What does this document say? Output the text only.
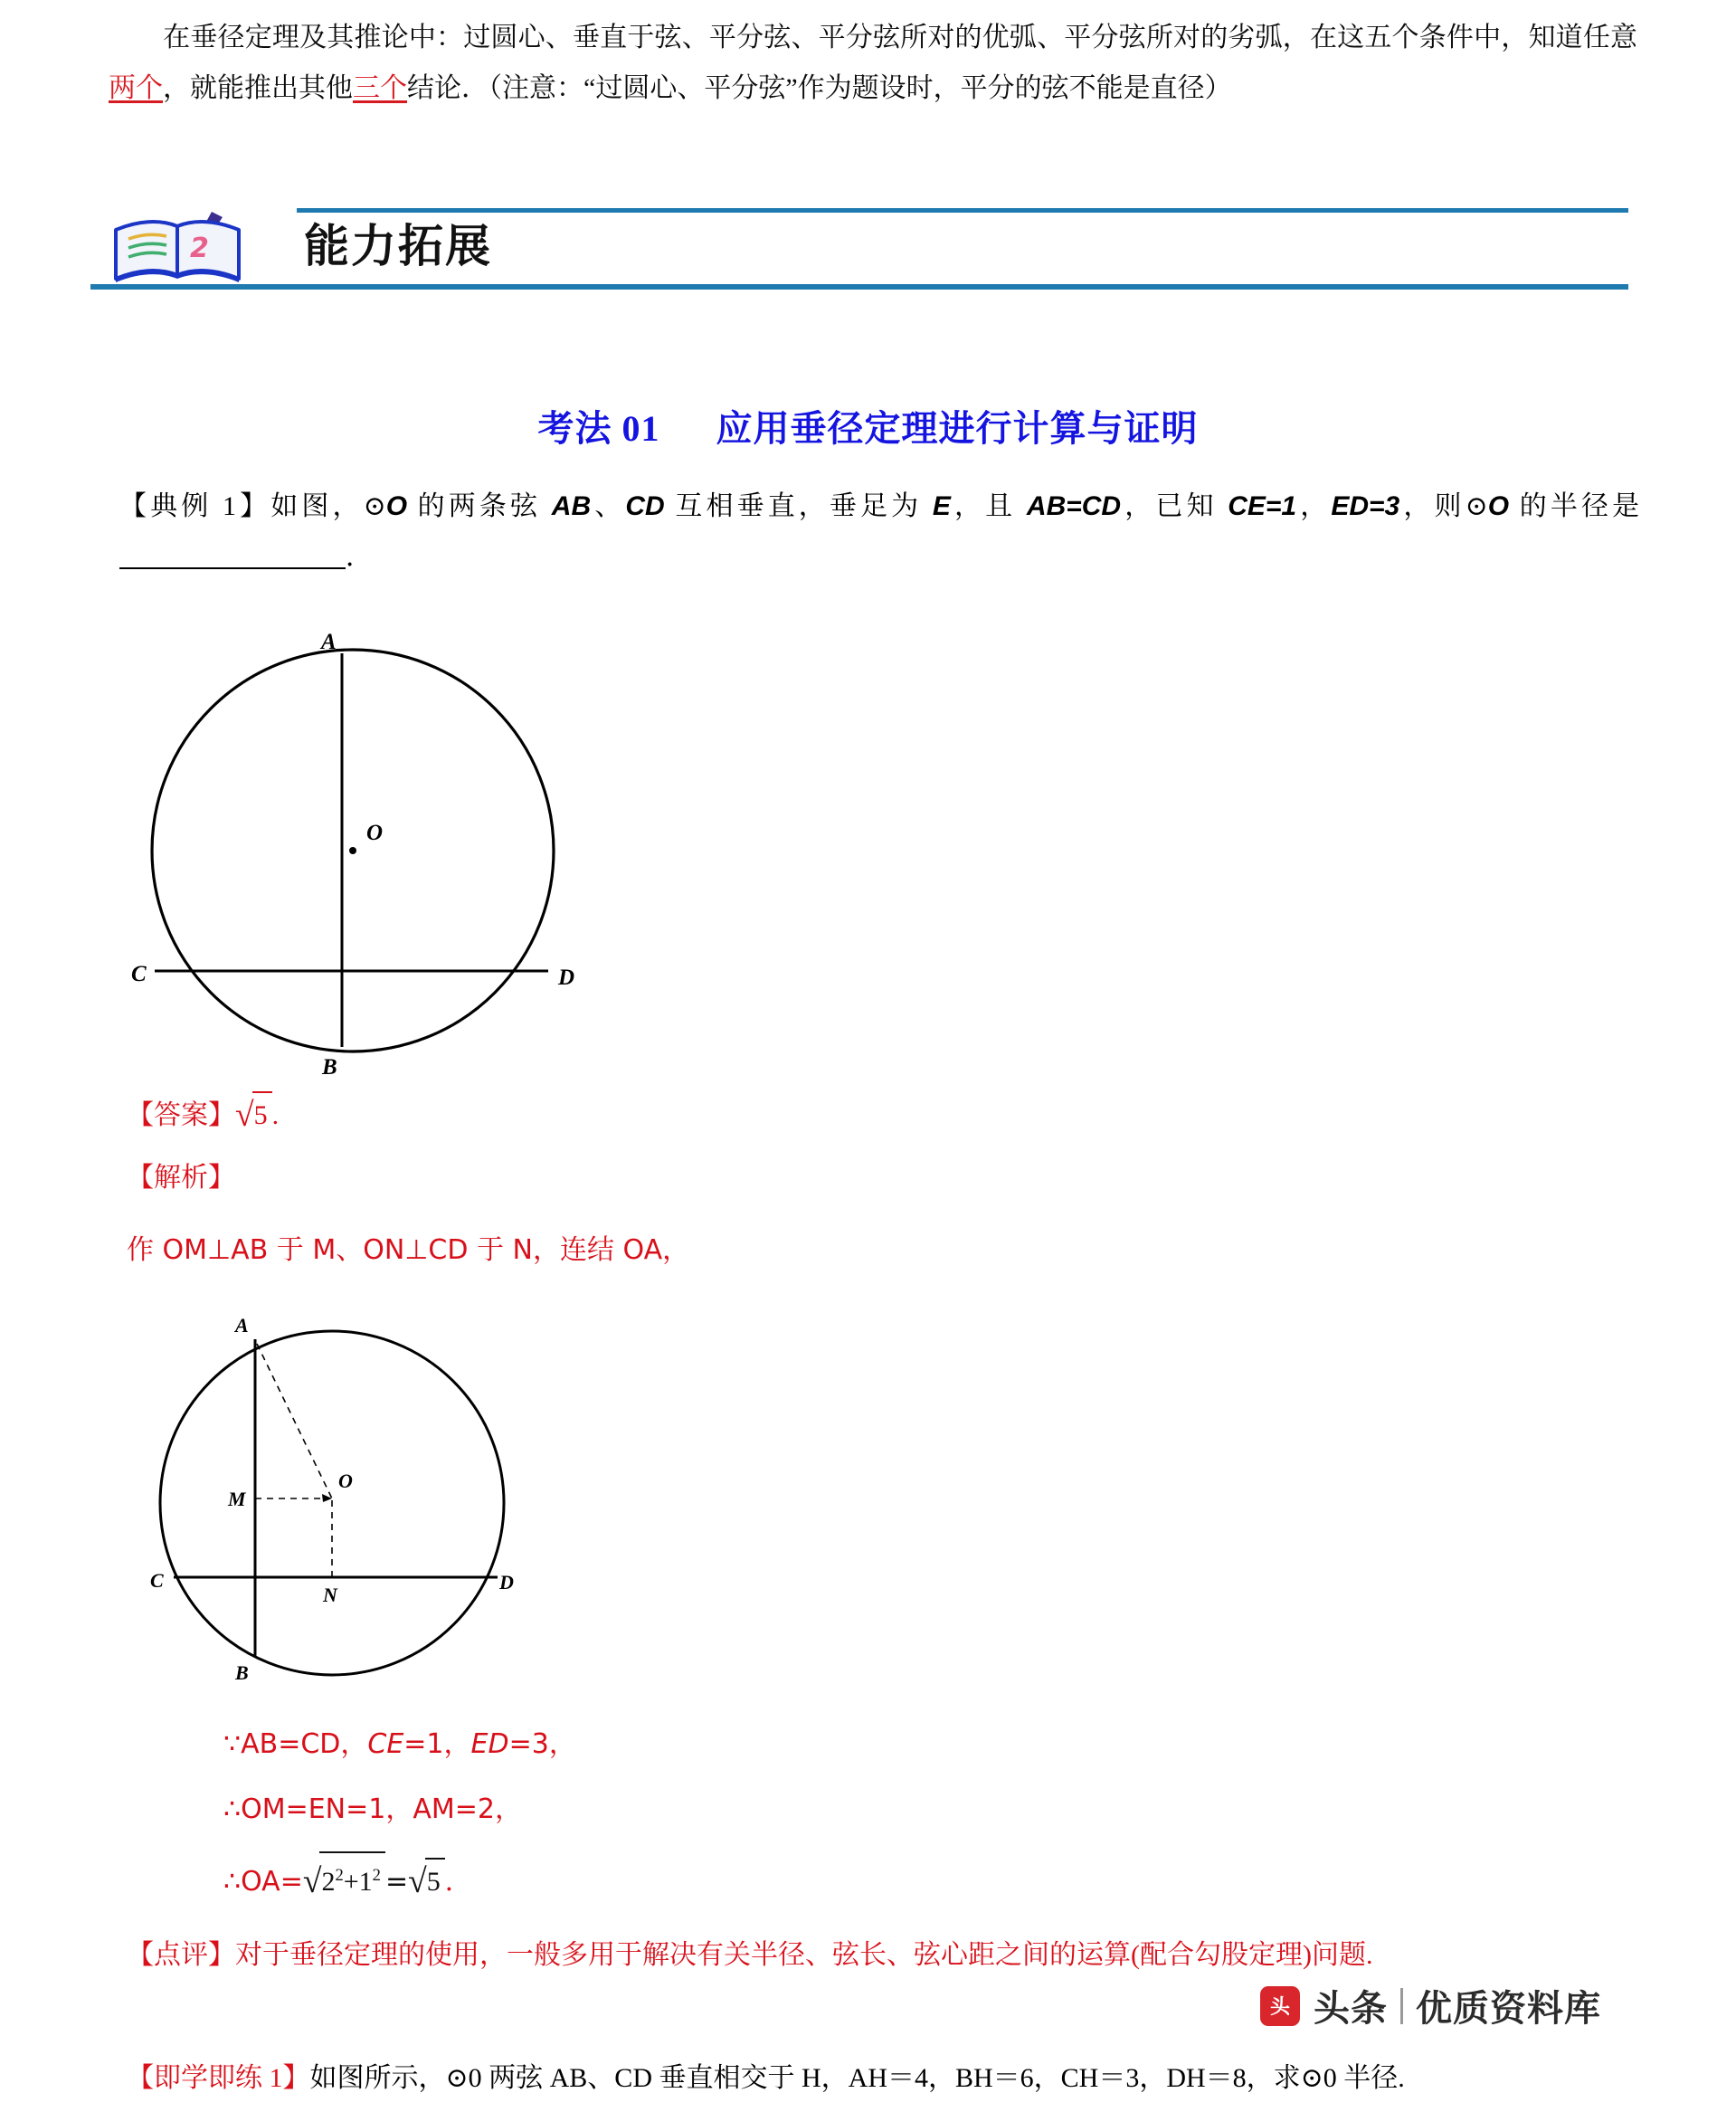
在垂径定理及其推论中：过圆心、垂直于弦、平分弦、平分弦所对的优弧、平分弦所对的劣弧，在这五个条件中，知道任意两个，就能推出其他三个结论．（注意：“过圆心、平分弦”作为题设时，平分的弦不能是直径）
2 能力拓展
考法 01 应用垂径定理进行计算与证明
【典例 1】如图，⊙O 的两条弦 AB、CD 互相垂直，垂足为 E，且 AB=CD，已知 CE=1，ED=3，则⊙O 的半径是．
A
B
C	D
O
【答案】√5 .
【解析】
作 OM⊥AB 于 M、ON⊥CD 于 N，连结 OA，
A
B
C	D
O
M
N
∵AB=CD，CE=1，ED=3，
∴OM=EN=1，AM=2，
$\therefore OA=√2^2+1^2 =√5$ ．
【点评】对于垂径定理的使用，一般多用于解决有关半径、弦长、弦心距之间的运算(配合勾股定理)问题.
【即学即练 1】如图所示，⊙0 两弦 AB、CD 垂直相交于 H，AH＝4，BH＝6，CH＝3，DH＝8，求⊙0 半径.
头 头条 优质资料库
